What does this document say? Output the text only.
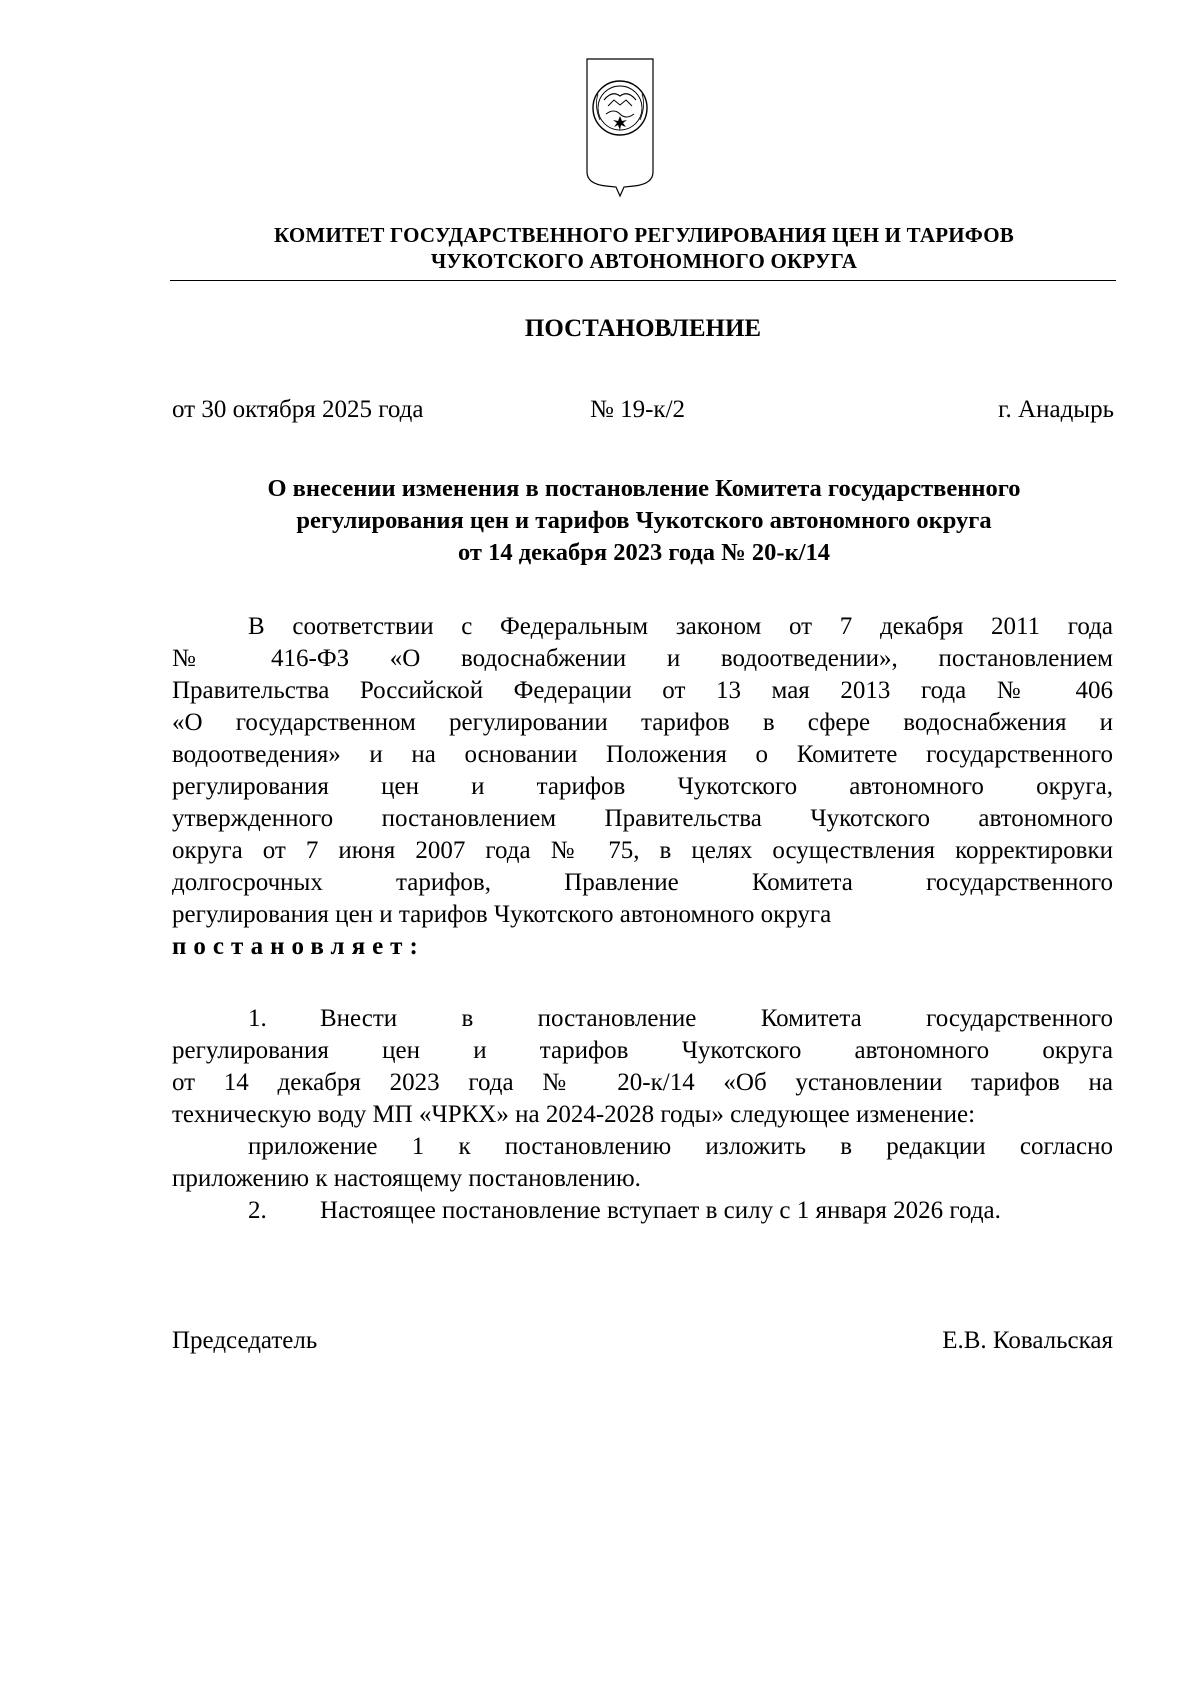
КОМИТЕТ ГОСУДАРСТВЕННОГО РЕГУЛИРОВАНИЯ ЦЕН И ТАРИФОВ
ЧУКОТСКОГО АВТОНОМНОГО ОКРУГА
ПОСТАНОВЛЕНИЕ
от 30 октября 2025 года	№ 19-к/2	г. Анадырь
О внесении изменения в постановление Комитета государственного
регулирования цен и тарифов Чукотского автономного округа
от 14 декабря 2023 года № 20-к/14
В соответствии с Федеральным законом от 7 декабря 2011 года
№ 416-ФЗ «О водоснабжении и водоотведении», постановлением
Правительства Российской Федерации от 13 мая 2013 года № 406
«О государственном регулировании тарифов в сфере водоснабжения и
водоотведения» и на основании Положения о Комитете государственного
регулирования цен и тарифов Чукотского автономного округа,
утвержденного постановлением Правительства Чукотского автономного
округа от 7 июня 2007 года № 75, в целях осуществления корректировки
долгосрочных тарифов, Правление Комитета государственного
регулирования цен и тарифов Чукотского автономного округа
постановляет:
1. Внести в постановление Комитета государственного
регулирования цен и тарифов Чукотского автономного округа
от 14 декабря 2023 года № 20-к/14 «Об установлении тарифов на
техническую воду МП «ЧРКХ» на 2024-2028 годы» следующее изменение:
приложение 1 к постановлению изложить в редакции согласно
приложению к настоящему постановлению.
2. Настоящее постановление вступает в силу с 1 января 2026 года.
Председатель	Е.В. Ковальская
